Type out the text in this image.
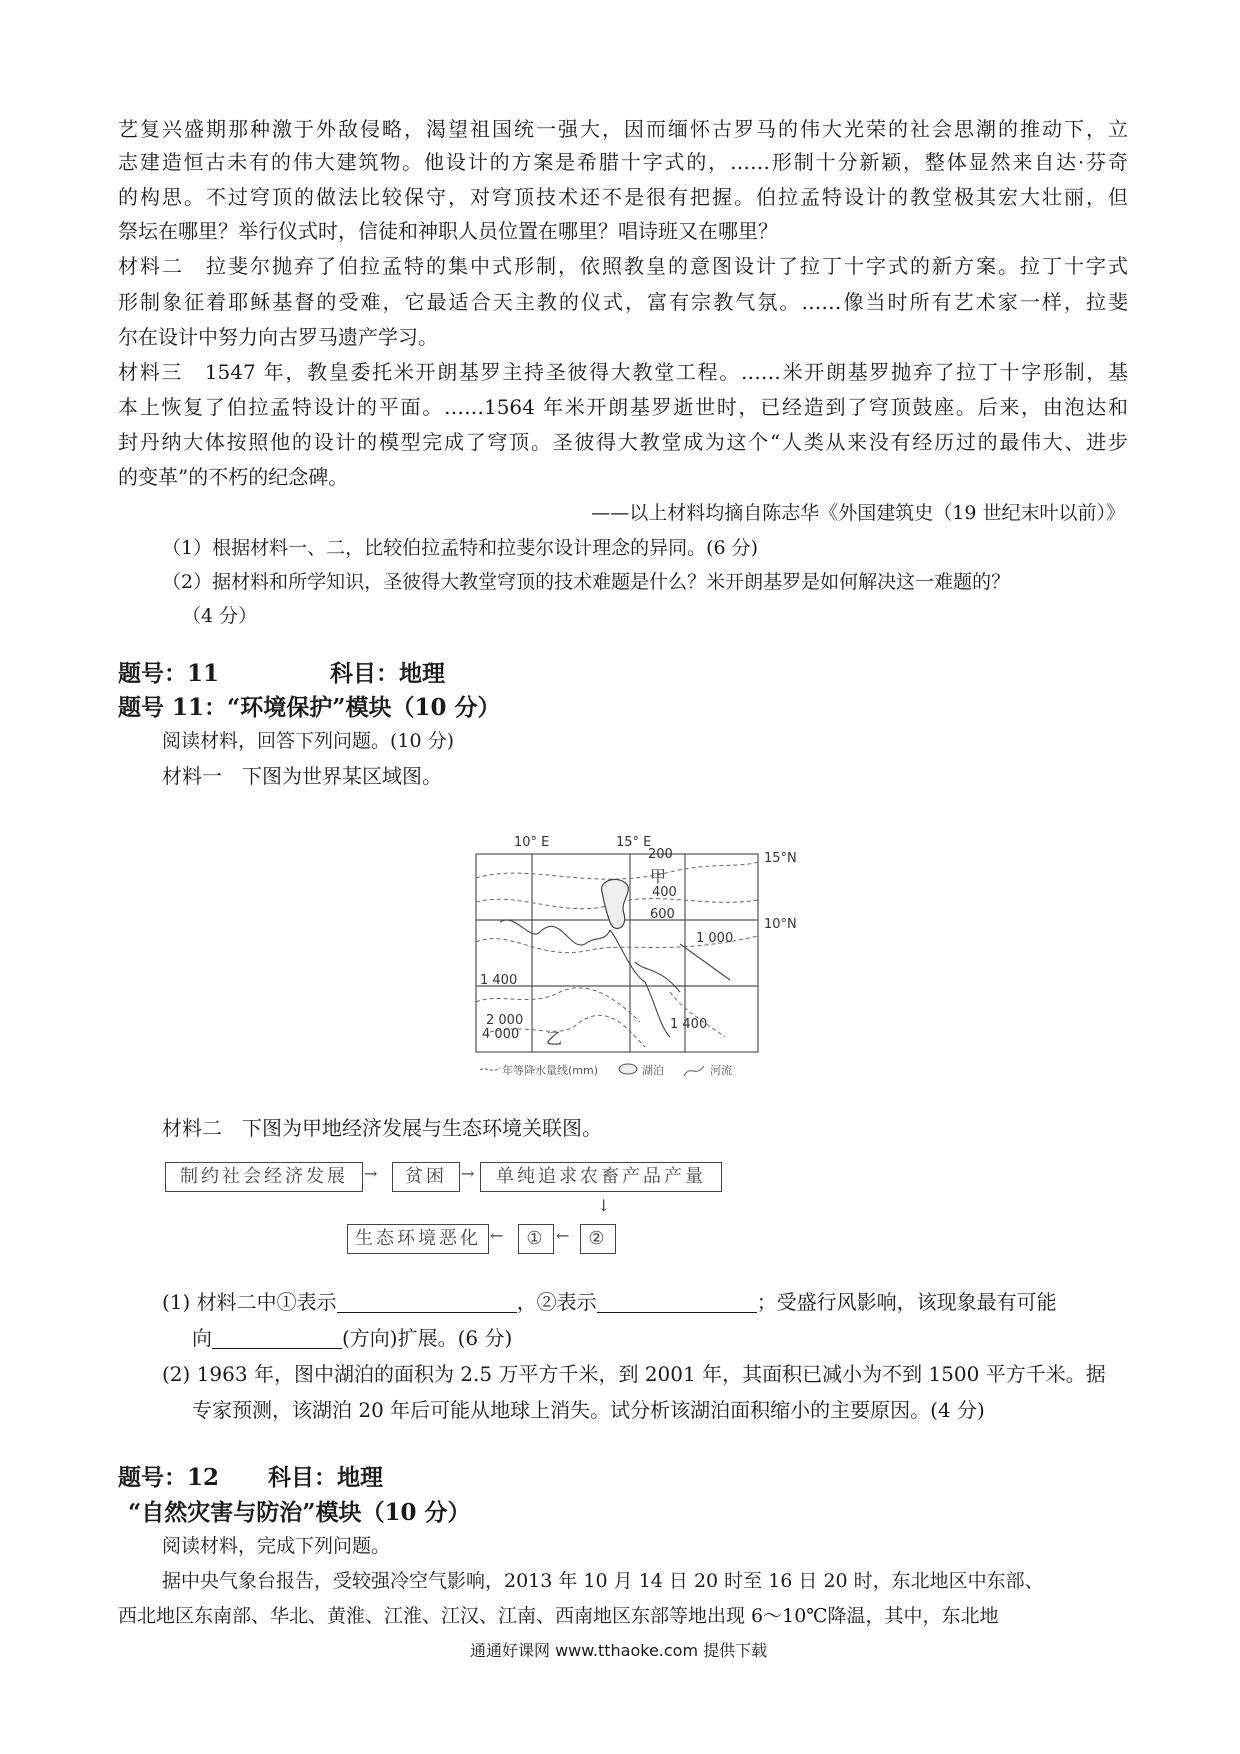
艺复兴盛期那种激于外敌侵略，渴望祖国统一强大，因而缅怀古罗马的伟大光荣的社会思潮的推动下，立
志建造恒古未有的伟大建筑物。他设计的方案是希腊十字式的，……形制十分新颖，整体显然来自达·芬奇
的构思。不过穹顶的做法比较保守，对穹顶技术还不是很有把握。伯拉孟特设计的教堂极其宏大壮丽，但
祭坛在哪里？举行仪式时，信徒和神职人员位置在哪里？唱诗班又在哪里？
材料二　拉斐尔抛弃了伯拉孟特的集中式形制，依照教皇的意图设计了拉丁十字式的新方案。拉丁十字式
形制象征着耶稣基督的受难，它最适合天主教的仪式，富有宗教气氛。……像当时所有艺术家一样，拉斐
尔在设计中努力向古罗马遗产学习。
材料三　1547 年，教皇委托米开朗基罗主持圣彼得大教堂工程。……米开朗基罗抛弃了拉丁十字形制，基
本上恢复了伯拉孟特设计的平面。……1564 年米开朗基罗逝世时，已经造到了穹顶鼓座。后来，由泡达和
封丹纳大体按照他的设计的模型完成了穹顶。圣彼得大教堂成为这个“人类从来没有经历过的最伟大、进步
的变革”的不朽的纪念碑。
——以上材料均摘自陈志华《外国建筑史（19 世纪末叶以前）》
（1）根据材料一、二，比较伯拉孟特和拉斐尔设计理念的异同。(6 分)
（2）据材料和所学知识，圣彼得大教堂穹顶的技术难题是什么？米开朗基罗是如何解决这一难题的？
（4 分）
题号：11	科目：地理
题号 11：“环境保护”模块（10 分）
阅读材料，回答下列问题。(10 分)
材料一　下图为世界某区域图。
10° E	15° E
15°N
10°N
200
400
600
1 000
1 400
2 000
4 000
1 400
甲
乙
年等降水量线(mm)	湖泊	河流
材料二　下图为甲地经济发展与生态环境关联图。
制约社会经济发展	→	贫困 →	单纯追求农畜产品产量
↓
生态环境恶化 ←	① ←	②
(1) 材料二中①表示	，②表示	；受盛行风影响，该现象最有可能
向	(方向)扩展。(6 分)
(2) 1963 年，图中湖泊的面积为 2.5 万平方千米，到 2001 年，其面积已减小为不到 1500 平方千米。据
专家预测，该湖泊 20 年后可能从地球上消失。试分析该湖泊面积缩小的主要原因。(4 分)
题号：12 科目：地理
“自然灾害与防治”模块（10 分）
阅读材料，完成下列问题。
据中央气象台报告，受较强冷空气影响，2013 年 10 月 14 日 20 时至 16 日 20 时，东北地区中东部、
西北地区东南部、华北、黄淮、江淮、江汉、江南、西南地区东部等地出现 6～10℃降温，其中，东北地
通通好课网 www.tthaoke.com 提供下载
